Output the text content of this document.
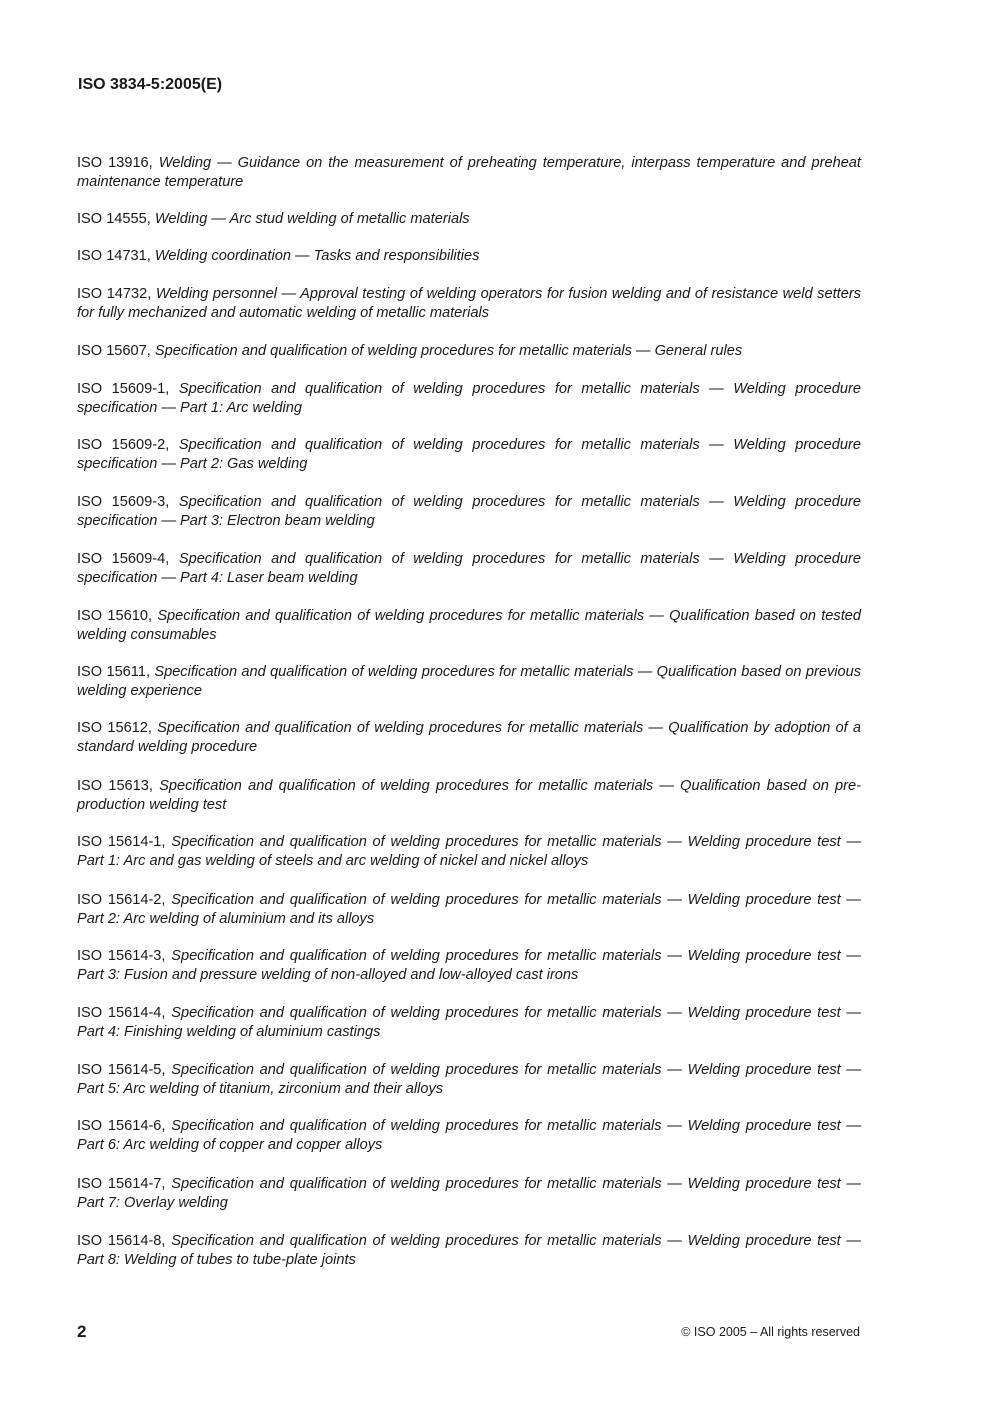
ISO 3834-5:2005(E)

ISO 13916, Welding — Guidance on the measurement of preheating temperature, interpass temperature and preheat maintenance temperature

ISO 14555, Welding — Arc stud welding of metallic materials

ISO 14731, Welding coordination — Tasks and responsibilities

ISO 14732, Welding personnel — Approval testing of welding operators for fusion welding and of resistance weld setters for fully mechanized and automatic welding of metallic materials

ISO 15607, Specification and qualification of welding procedures for metallic materials — General rules

ISO 15609-1, Specification and qualification of welding procedures for metallic materials — Welding procedure specification — Part 1: Arc welding

ISO 15609-2, Specification and qualification of welding procedures for metallic materials — Welding procedure specification — Part 2: Gas welding

ISO 15609-3, Specification and qualification of welding procedures for metallic materials — Welding procedure specification — Part 3: Electron beam welding

ISO 15609-4, Specification and qualification of welding procedures for metallic materials — Welding procedure specification — Part 4: Laser beam welding

ISO 15610, Specification and qualification of welding procedures for metallic materials — Qualification based on tested welding consumables

ISO 15611, Specification and qualification of welding procedures for metallic materials — Qualification based on previous welding experience

ISO 15612, Specification and qualification of welding procedures for metallic materials — Qualification by adoption of a standard welding procedure

ISO 15613, Specification and qualification of welding procedures for metallic materials — Qualification based on pre-production welding test

ISO 15614-1, Specification and qualification of welding procedures for metallic materials — Welding procedure test — Part 1: Arc and gas welding of steels and arc welding of nickel and nickel alloys

ISO 15614-2, Specification and qualification of welding procedures for metallic materials — Welding procedure test — Part 2: Arc welding of aluminium and its alloys

ISO 15614-3, Specification and qualification of welding procedures for metallic materials — Welding procedure test — Part 3: Fusion and pressure welding of non-alloyed and low-alloyed cast irons

ISO 15614-4, Specification and qualification of welding procedures for metallic materials — Welding procedure test — Part 4: Finishing welding of aluminium castings

ISO 15614-5, Specification and qualification of welding procedures for metallic materials — Welding procedure test — Part 5: Arc welding of titanium, zirconium and their alloys

ISO 15614-6, Specification and qualification of welding procedures for metallic materials — Welding procedure test — Part 6: Arc welding of copper and copper alloys

ISO 15614-7, Specification and qualification of welding procedures for metallic materials — Welding procedure test — Part 7: Overlay welding

ISO 15614-8, Specification and qualification of welding procedures for metallic materials — Welding procedure test — Part 8: Welding of tubes to tube-plate joints

2	© ISO 2005 – All rights reserved
